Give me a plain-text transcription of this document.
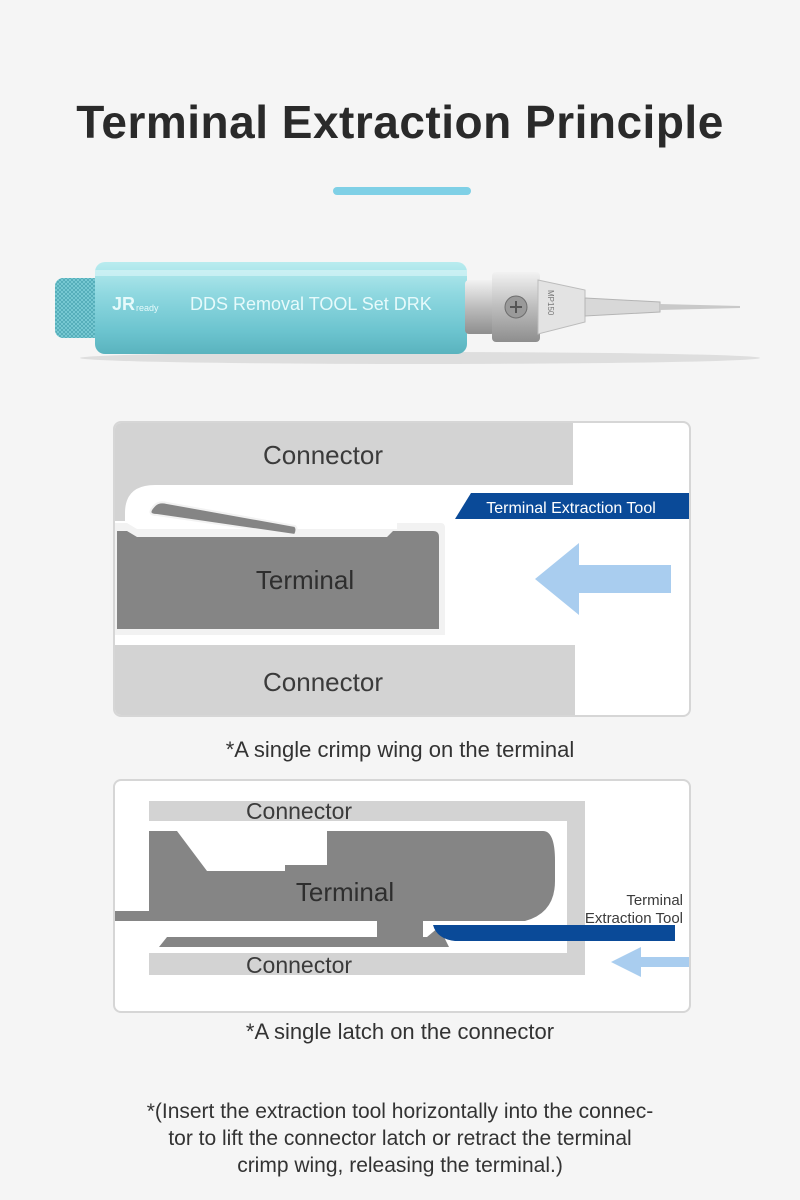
Terminal Extraction Principle
JR ready DDS Removal TOOL Set DRK	MP150
Connector
Terminal
Terminal Extraction Tool
Connector
*A single crimp wing on the terminal
Connector
Terminal	Terminal
Extraction Tool
Connector
*A single latch on the connector
*(Insert the extraction tool horizontally into the connec-
tor to lift the connector latch or retract the terminal
crimp wing, releasing the terminal.)
